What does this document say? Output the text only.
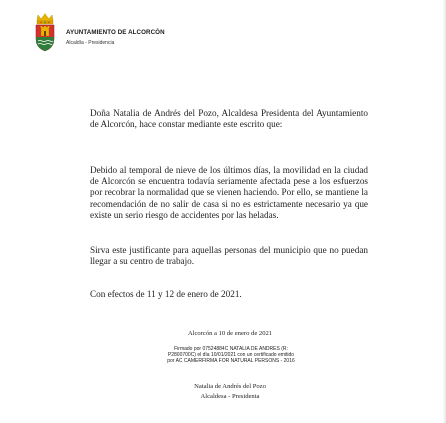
AYUNTAMIENTO DE ALCORCÓN
Alcaldía - Presidencia
Doña Natalia de Andrés del Pozo, Alcaldesa Presidenta del Ayuntamiento de Alcorcón, hace constar mediante este escrito que:
Debido al temporal de nieve de los últimos días, la movilidad en la ciudad de Alcorcón se encuentra todavía seriamente afectada pese a los esfuerzos por recobrar la normalidad que se vienen haciendo. Por ello, se mantiene la recomendación de no salir de casa si no es estrictamente necesario ya que existe un serio riesgo de accidentes por las heladas.
Sirva este justificante para aquellas personas del municipio que no puedan llegar a su centro de trabajo.
Con efectos de 11 y 12 de enero de 2021.
Alcorcón a 10 de enero de 2021
Firmado por 07524884C NATALIA DE ANDRES (R:
P2800700C) el día 10/01/2021 con un certificado emitido
por AC CAMERFIRMA FOR NATURAL PERSONS - 2016
Natalia de Andrés del Pozo
Alcaldesa - Presidenta
